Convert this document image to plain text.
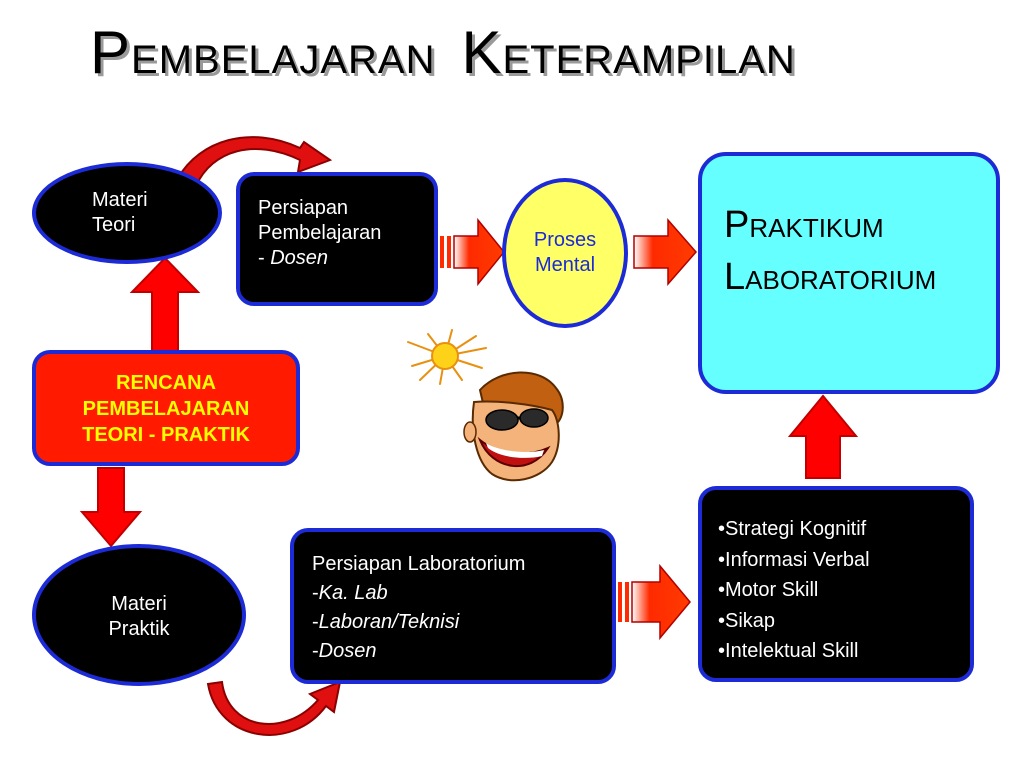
PEMBELAJARAN KETERAMPILAN
Materi
Teori
Persiapan
Pembelajaran
- Dosen
Proses
Mental
PRAKTIKUM
LABORATORIUM
RENCANA
PEMBELAJARAN
TEORI - PRAKTIK
Materi
Praktik
Persiapan Laboratorium
-Ka. Lab
-Laboran/Teknisi
-Dosen
•Strategi Kognitif
•Informasi Verbal
•Motor Skill
•Sikap
•Intelektual Skill
